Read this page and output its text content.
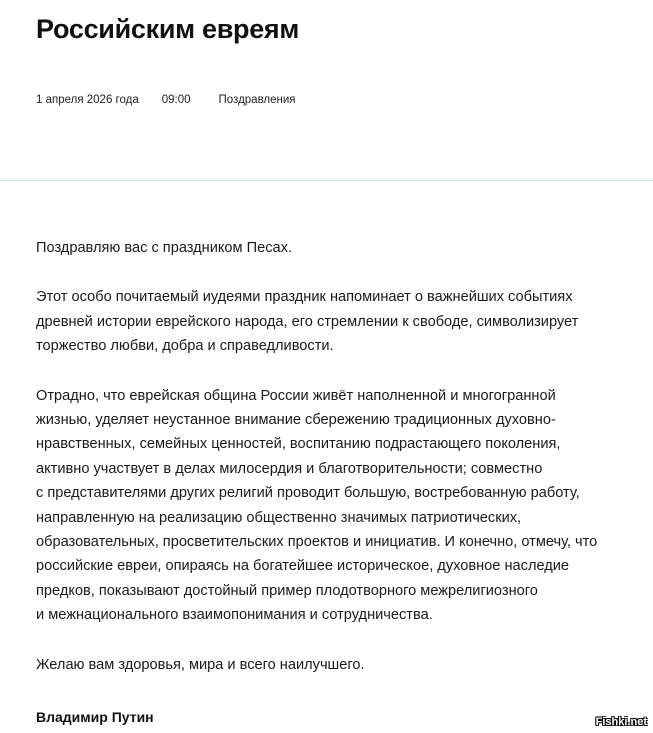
Российским евреям
1 апреля 2026 года 09:00 Поздравления

Поздравляю вас с праздником Песах.

Этот особо почитаемый иудеями праздник напоминает о важнейших событиях
древней истории еврейского народа, его стремлении к свободе, символизирует
торжество любви, добра и справедливости.

Отрадно, что еврейская община России живёт наполненной и многогранной
жизнью, уделяет неустанное внимание сбережению традиционных духовно-
нравственных, семейных ценностей, воспитанию подрастающего поколения,
активно участвует в делах милосердия и благотворительности; совместно
с представителями других религий проводит большую, востребованную работу,
направленную на реализацию общественно значимых патриотических,
образовательных, просветительских проектов и инициатив. И конечно, отмечу, что
российские евреи, опираясь на богатейшее историческое, духовное наследие
предков, показывают достойный пример плодотворного межрелигиозного
и межнационального взаимопонимания и сотрудничества.

Желаю вам здоровья, мира и всего наилучшего.

Владимир Путин	Fishki.net
